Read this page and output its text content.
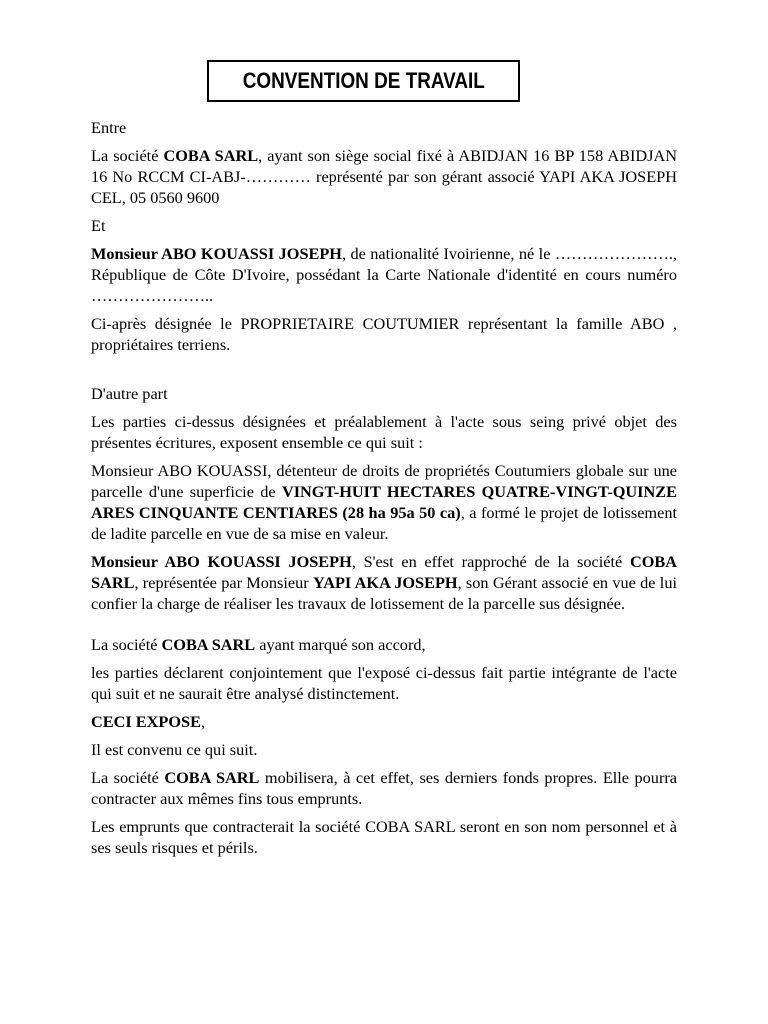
CONVENTION DE TRAVAIL

Entre

La société COBA SARL, ayant son siège social fixé à ABIDJAN 16 BP 158 ABIDJAN 16 No RCCM CI-ABJ-………… représenté par son gérant associé YAPI AKA JOSEPH CEL, 05 0560 9600

Et

Monsieur ABO KOUASSI JOSEPH, de nationalité Ivoirienne, né le …………………., République de Côte D'Ivoire, possédant la Carte Nationale d'identité en cours numéro …………………..

Ci-après désignée le PROPRIETAIRE COUTUMIER représentant la famille ABO , propriétaires terriens.

D'autre part

Les parties ci-dessus désignées et préalablement à l'acte sous seing privé objet des présentes écritures, exposent ensemble ce qui suit :

Monsieur ABO KOUASSI, détenteur de droits de propriétés Coutumiers globale sur une parcelle d'une superficie de VINGT-HUIT HECTARES QUATRE-VINGT-QUINZE ARES CINQUANTE CENTIARES (28 ha 95a 50 ca), a formé le projet de lotissement de ladite parcelle en vue de sa mise en valeur.

Monsieur ABO KOUASSI JOSEPH, S'est en effet rapproché de la société COBA SARL, représentée par Monsieur YAPI AKA JOSEPH, son Gérant associé en vue de lui confier la charge de réaliser les travaux de lotissement de la parcelle sus désignée.

La société COBA SARL ayant marqué son accord,

les parties déclarent conjointement que l'exposé ci-dessus fait partie intégrante de l'acte qui suit et ne saurait être analysé distinctement.

CECI EXPOSE,

Il est convenu ce qui suit.

La société COBA SARL mobilisera, à cet effet, ses derniers fonds propres. Elle pourra contracter aux mêmes fins tous emprunts.

Les emprunts que contracterait la société COBA SARL seront en son nom personnel et à ses seuls risques et périls.
